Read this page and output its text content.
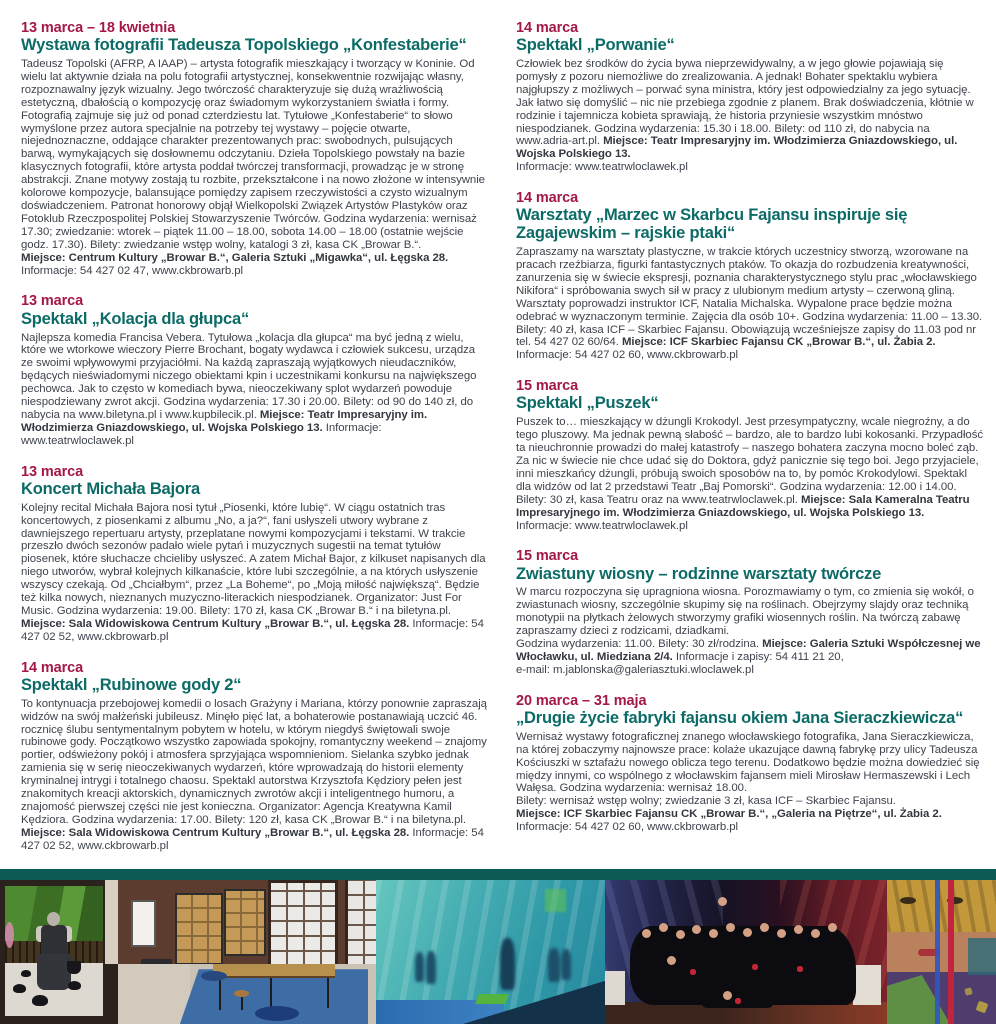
13 marca – 18 kwietnia
Wystawa fotografii Tadeusza Topolskiego „Konfestaberie“
Tadeusz Topolski (AFRP, A IAAP) – artysta fotografik mieszkający i tworzący w Koninie. Od wielu lat aktywnie działa na polu fotografii artystycznej, konsekwentnie rozwijając własny, rozpoznawalny język wizualny. Jego twórczość charakteryzuje się dużą wrażliwością estetyczną, dbałością o kompozycję oraz świadomym wykorzystaniem światła i formy. Fotografią zajmuje się już od ponad czterdziestu lat. Tytułowe „Konfestaberie“ to słowo wymyślone przez autora specjalnie na potrzeby tej wystawy – pojęcie otwarte, niejednoznaczne, oddające charakter prezentowanych prac: swobodnych, pulsujących barwą, wymykających się dosłownemu odczytaniu. Dzieła Topolskiego powstały na bazie klasycznych fotografii, które artysta poddał twórczej transformacji, prowadząc je w stronę abstrakcji. Znane motywy zostają tu rozbite, przekształcone i na nowo złożone w intensywnie kolorowe kompozycje, balansujące pomiędzy zapisem rzeczywistości a czysto wizualnym doświadczeniem. Patronat honorowy objął Wielkopolski Związek Artystów Plastyków oraz Fotoklub Rzeczpospolitej Polskiej Stowarzyszenie Twórców. Godzina wydarzenia: wernisaż 17.30; zwiedzanie: wtorek – piątek 11.00 – 18.00, sobota 14.00 – 18.00 (ostatnie wejście godz. 17.30). Bilety: zwiedzanie wstęp wolny, katalogi 3 zł, kasa CK „Browar B.“.
Miejsce: Centrum Kultury „Browar B.“, Galeria Sztuki „Migawka“, ul. Łęgska 28.
Informacje: 54 427 02 47, www.ckbrowarb.pl
13 marca
Spektakl „Kolacja dla głupca“
Najlepsza komedia Francisa Vebera. Tytułowa „kolacja dla głupca“ ma być jedną z wielu, które we wtorkowe wieczory Pierre Brochant, bogaty wydawca i człowiek sukcesu, urządza ze swoimi wpływowymi przyjaciółmi. Na każdą zapraszają wyjątkowych nieudaczników, będących nieświadomymi niczego obiektami kpin i uczestnikami konkursu na największego pechowca. Jak to często w komediach bywa, nieoczekiwany splot wydarzeń powoduje niespodziewany zwrot akcji. Godzina wydarzenia: 17.30 i 20.00. Bilety: od 90 do 140 zł, do nabycia na www.biletyna.pl i www.kupbilecik.pl. Miejsce: Teatr Impresaryjny im. Włodzimierza Gniazdowskiego, ul. Wojska Polskiego 13. Informacje: www.teatrwloclawek.pl
13 marca
Koncert Michała Bajora
Kolejny recital Michała Bajora nosi tytuł „Piosenki, które lubię“. W ciągu ostatnich tras koncertowych, z piosenkami z albumu „No, a ja?“, fani usłyszeli utwory wybrane z dawniejszego repertuaru artysty, przeplatane nowymi kompozycjami i tekstami. W trakcie przeszło dwóch sezonów padało wiele pytań i muzycznych sugestii na temat tytułów piosenek, które słuchacze chcieliby usłyszeć. A zatem Michał Bajor, z kilkuset napisanych dla niego utworów, wybrał kolejnych kilkanaście, które lubi szczególnie, a na których usłyszenie wszyscy czekają. Od „Chciałbym“, przez „La Boheme“, po „Moją miłość największą“. Będzie też kilka nowych, nieznanych muzyczno-literackich niespodzianek. Organizator: Just For Music. Godzina wydarzenia: 19.00. Bilety: 170 zł, kasa CK „Browar B.“ i na biletyna.pl. Miejsce: Sala Widowiskowa Centrum Kultury „Browar B.“, ul. Łęgska 28. Informacje: 54 427 02 52, www.ckbrowarb.pl
14 marca
Spektakl „Rubinowe gody 2“
To kontynuacja przebojowej komedii o losach Grażyny i Mariana, którzy ponownie zapraszają widzów na swój małżeński jubileusz. Minęło pięć lat, a bohaterowie postanawiają uczcić 46. rocznicę ślubu sentymentalnym pobytem w hotelu, w którym niegdyś świętowali swoje rubinowe gody. Początkowo wszystko zapowiada spokojny, romantyczny weekend – znajomy portier, odświeżony pokój i atmosfera sprzyjająca wspomnieniom. Sielanka szybko jednak zamienia się w serię nieoczekiwanych wydarzeń, które wprowadzają do historii elementy kryminalnej intrygi i totalnego chaosu. Spektakl autorstwa Krzysztofa Kędziory pełen jest znakomitych kreacji aktorskich, dynamicznych zwrotów akcji i inteligentnego humoru, a znajomość pierwszej części nie jest konieczna. Organizator: Agencja Kreatywna Kamil Kędziora. Godzina wydarzenia: 17.00. Bilety: 120 zł, kasa CK „Browar B.“ i na biletyna.pl. Miejsce: Sala Widowiskowa Centrum Kultury „Browar B.“, ul. Łęgska 28. Informacje: 54 427 02 52, www.ckbrowarb.pl
14 marca
Spektakl „Porwanie“
Człowiek bez środków do życia bywa nieprzewidywalny, a w jego głowie pojawiają się pomysły z pozoru niemożliwe do zrealizowania. A jednak! Bohater spektaklu wybiera najgłupszy z możliwych – porwać syna ministra, który jest odpowiedzialny za jego sytuację. Jak łatwo się domyślić – nic nie przebiega zgodnie z planem. Brak doświadczenia, kłótnie w rodzinie i tajemnicza kobieta sprawiają, że historia przyniesie wszystkim mnóstwo niespodzianek. Godzina wydarzenia: 15.30 i 18.00. Bilety: od 110 zł, do nabycia na www.adria-art.pl. Miejsce: Teatr Impresaryjny im. Włodzimierza Gniazdowskiego, ul. Wojska Polskiego 13.
Informacje: www.teatrwloclawek.pl
14 marca
Warsztaty „Marzec w Skarbcu Fajansu inspiruje się Zagajewskim – rajskie ptaki“
Zapraszamy na warsztaty plastyczne, w trakcie których uczestnicy stworzą, wzorowane na pracach rzeźbiarza, figurki fantastycznych ptaków. To okazja do rozbudzenia kreatywności, zanurzenia się w świecie ekspresji, poznania charakterystycznego stylu prac „włocławskiego Nikifora“ i spróbowania swych sił w pracy z ulubionym medium artysty – czerwoną gliną. Warsztaty poprowadzi instruktor ICF, Natalia Michalska. Wypalone prace będzie można odebrać w wyznaczonym terminie. Zajęcia dla osób 10+. Godzina wydarzenia: 11.00 – 13.30. Bilety: 40 zł, kasa ICF – Skarbiec Fajansu. Obowiązują wcześniejsze zapisy do 11.03 pod nr tel. 54 427 02 60/64. Miejsce: ICF Skarbiec Fajansu CK „Browar B.“, ul. Żabia 2.
Informacje: 54 427 02 60, www.ckbrowarb.pl
15 marca
Spektakl „Puszek“
Puszek to… mieszkający w dżungli Krokodyl. Jest przesympatyczny, wcale niegroźny, a do tego pluszowy. Ma jednak pewną słabość – bardzo, ale to bardzo lubi kokosanki. Przypadłość ta nieuchronnie prowadzi do małej katastrofy – naszego bohatera zaczyna mocno boleć ząb. Za nic w świecie nie chce udać się do Doktora, gdyż panicznie się tego boi. Jego przyjaciele, inni mieszkańcy dżungli, próbują swoich sposobów na to, by pomóc Krokodylowi. Spektakl dla widzów od lat 2 przedstawi Teatr „Baj Pomorski“. Godzina wydarzenia: 12.00 i 14.00. Bilety: 30 zł, kasa Teatru oraz na www.teatrwloclawek.pl. Miejsce: Sala Kameralna Teatru Impresaryjnego im. Włodzimierza Gniazdowskiego, ul. Wojska Polskiego 13.
Informacje: www.teatrwloclawek.pl
15 marca
Zwiastuny wiosny – rodzinne warsztaty twórcze
W marcu rozpoczyna się upragniona wiosna. Porozmawiamy o tym, co zmienia się wokół, o zwiastunach wiosny, szczególnie skupimy się na roślinach. Obejrzymy slajdy oraz techniką monotypii na płytkach żelowych stworzymy grafiki wiosennych roślin. Na twórczą zabawę zapraszamy dzieci z rodzicami, dziadkami.
Godzina wydarzenia: 11.00. Bilety: 30 zł/rodzina. Miejsce: Galeria Sztuki Współczesnej we Włocławku, ul. Miedziana 2/4. Informacje i zapisy: 54 411 21 20,
e-mail: m.jablonska@galeriasztuki.wloclawek.pl
20 marca – 31 maja
„Drugie życie fabryki fajansu okiem Jana Sieraczkiewicza“
Wernisaż wystawy fotograficznej znanego włocławskiego fotografika, Jana Sieraczkiewicza, na której zobaczymy najnowsze prace: kolaże ukazujące dawną fabrykę przy ulicy Tadeusza Kościuszki w sztafażu nowego oblicza tego terenu. Dodatkowo będzie można dowiedzieć się między innymi, co wspólnego z włocławskim fajansem mieli Mirosław Hermaszewski i Lech Wałęsa. Godzina wydarzenia: wernisaż 18.00.
Bilety: wernisaż wstęp wolny; zwiedzanie 3 zł, kasa ICF – Skarbiec Fajansu.
Miejsce: ICF Skarbiec Fajansu CK „Browar B.“, „Galeria na Piętrze“, ul. Żabia 2.
Informacje: 54 427 02 60, www.ckbrowarb.pl
